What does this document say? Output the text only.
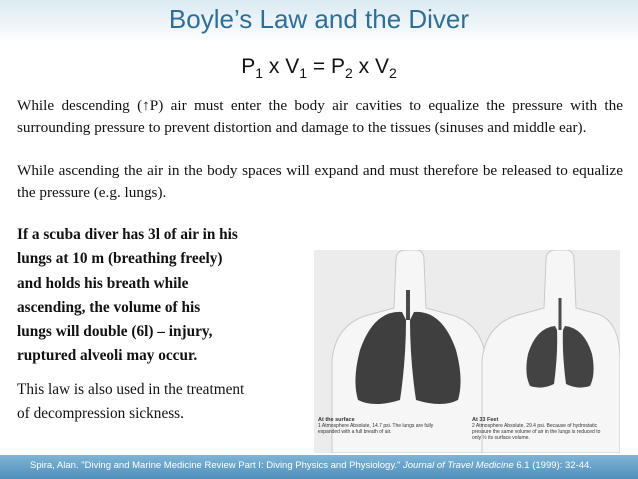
Boyle’s Law and the Diver
$P_1$ x $V_1 = P_2$ x $V_2$
While descending (↑P) air must enter the body air cavities to equalize the pressure with the surrounding pressure to prevent distortion and damage to the tissues (sinuses and middle ear).
While ascending the air in the body spaces will expand and must therefore be released to equalize the pressure (e.g. lungs).
If a scuba diver has 3l of air in his
lungs at 10 m (breathing freely)
and holds his breath while
ascending, the volume of his
lungs will double (6l) – injury,
ruptured alveoli may occur.
This law is also used in the treatment
of decompression sickness.	At the surface
1 Atmosphere Absolute, 14.7 psi. The lungs are fully expanded with a full breath of air.
At 33 Feet
2 Atmosphere Absolute, 29.4 psi. Because of hydrostatic pressure the same volume of air in the lungs is reduced to only ½ its surface volume.
Spira, Alan. "Diving and Marine Medicine Review Part I: Diving Physics and Physiology." Journal of Travel Medicine 6.1 (1999): 32-44.
